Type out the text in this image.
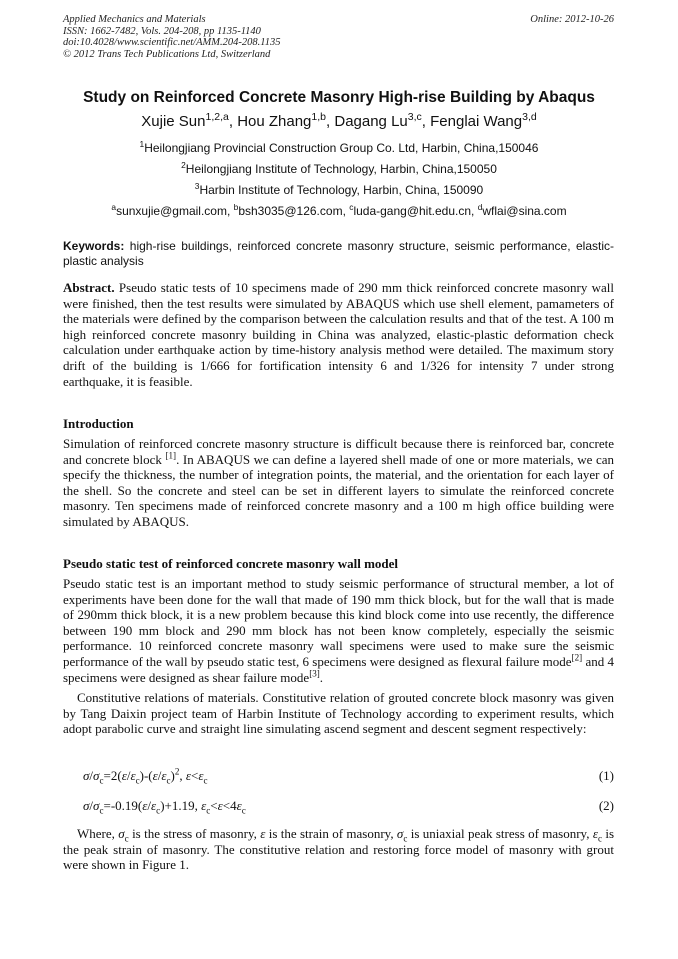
Applied Mechanics and Materials
ISSN: 1662-7482, Vols. 204-208, pp 1135-1140
doi:10.4028/www.scientific.net/AMM.204-208.1135
© 2012 Trans Tech Publications Ltd, Switzerland
Online: 2012-10-26
Study on Reinforced Concrete Masonry High-rise Building by Abaqus
Xujie Sun$^{1,2,a}$, Hou Zhang$^{1,b}$, Dagang Lu$^{3,c}$, Fenglai Wang$^{3,d}$
$^1$Heilongjiang Provincial Construction Group Co. Ltd, Harbin, China,150046
$^2$Heilongjiang Institute of Technology, Harbin, China,150050
$^3$Harbin Institute of Technology, Harbin, China, 150090
$^a$sunxujie@gmail.com, $^b$bsh3035@126.com, $^c$luda-gang@hit.edu.cn, $^d$wflai@sina.com
Keywords: high-rise buildings, reinforced concrete masonry structure, seismic performance, elastic-plastic analysis
Abstract. Pseudo static tests of 10 specimens made of 290 mm thick reinforced concrete masonry wall were finished, then the test results were simulated by ABAQUS which use shell element, pamameters of the materials were defined by the comparison between the calculation results and that of the test. A 100 m high reinforced concrete masonry building in China was analyzed, elastic-plastic deformation check calculation under earthquake action by time-history analysis method were detailed. The maximum story drift of the building is 1/666 for fortification intensity 6 and 1/326 for intensity 7 under strong earthquake, it is feasible.
Introduction
Simulation of reinforced concrete masonry structure is difficult because there is reinforced bar, concrete and concrete block [1]. In ABAQUS we can define a layered shell made of one or more materials, we can specify the thickness, the number of integration points, the material, and the orientation for each layer of the shell. So the concrete and steel can be set in different layers to simulate the reinforced concrete masonry. Ten specimens made of reinforced concrete masonry and a 100 m high office building were simulated by ABAQUS.
Pseudo static test of reinforced concrete masonry wall model
Pseudo static test is an important method to study seismic performance of structural member, a lot of experiments have been done for the wall that made of 190 mm thick block, but for the wall that is made of 290mm thick block, it is a new problem because this kind block come into use recently, the difference between 190 mm block and 290 mm block has not been know completely, especially the seismic performance. 10 reinforced concrete masonry wall specimens were used to make sure the seismic performance of the wall by pseudo static test, 6 specimens were designed as flexural failure mode[2] and 4 specimens were designed as shear failure mode[3].
Constitutive relations of materials. Constitutive relation of grouted concrete block masonry was given by Tang Daixin project team of Harbin Institute of Technology according to experiment results, which adopt parabolic curve and straight line simulating ascend segment and descent segment respectively:
$\sigma/\sigma_c=2(\varepsilon/\varepsilon_c)-(\varepsilon/\varepsilon_c)^2$, $\varepsilon<\varepsilon_c$	(1)
$\sigma/\sigma_c=-0.19(\varepsilon/\varepsilon_c)+1.19$, $\varepsilon_c<\varepsilon<4\varepsilon_c$	(2)
Where, $\sigma_c$ is the stress of masonry, ε is the strain of masonry, $\sigma_c$ is uniaxial peak stress of masonry, $\varepsilon_c$ is the peak strain of masonry. The constitutive relation and restoring force model of masonry with grout were shown in Figure 1.
